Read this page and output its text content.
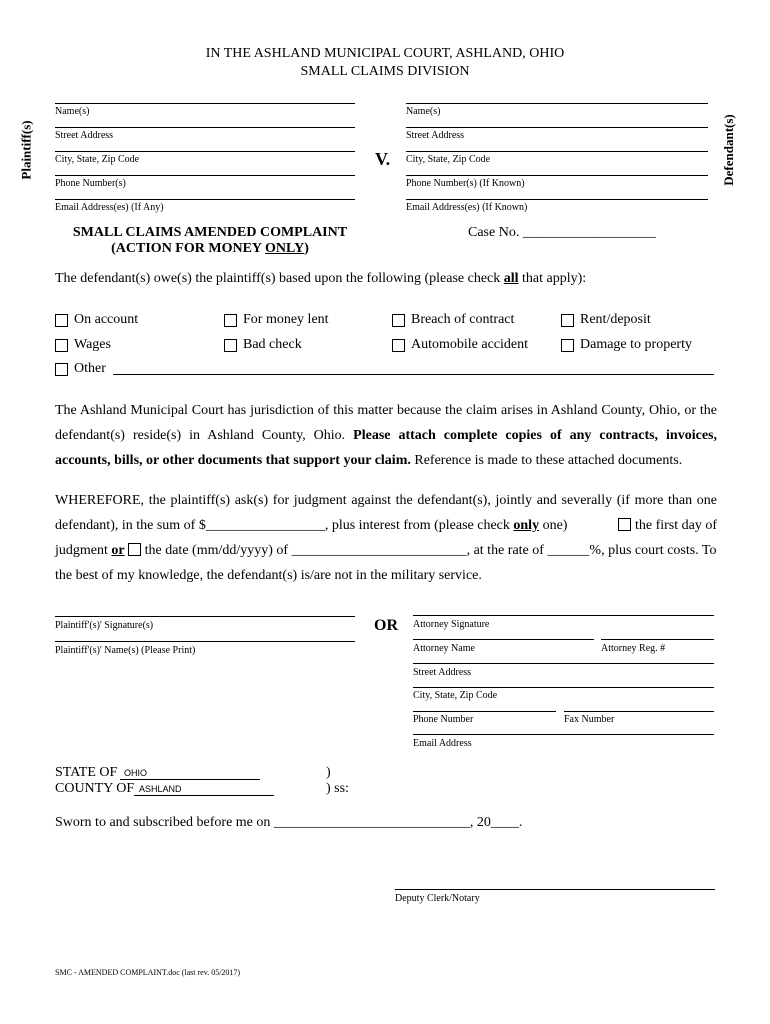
IN THE ASHLAND MUNICIPAL COURT, ASHLAND, OHIO
SMALL CLAIMS DIVISION
Plaintiff(s)	Defendant(s)
Name(s)
Street Address
City, State, Zip Code
Phone Number(s)
Email Address(es) (If Any)
V.
Name(s)
Street Address
City, State, Zip Code
Phone Number(s) (If Known)
Email Address(es) (If Known)
SMALL CLAIMS AMENDED COMPLAINT
(ACTION FOR MONEY ONLY)
Case No. ___________________
The defendant(s) owe(s) the plaintiff(s) based upon the following (please check all that apply):
On account	For money lent	Breach of contract	Rent/deposit
Wages	Bad check	Automobile accident	Damage to property
Other
The Ashland Municipal Court has jurisdiction of this matter because the claim arises in Ashland County, Ohio, or the defendant(s) reside(s) in Ashland County, Ohio. Please attach complete copies of any contracts, invoices, accounts, bills, or other documents that support your claim. Reference is made to these attached documents.
WHEREFORE, the plaintiff(s) ask(s) for judgment against the defendant(s), jointly and severally (if more than one
defendant), in the sum of $_________________, plus interest from (please check only one)	the first day of
judgment or  the date (mm/dd/yyyy) of _________________________, at the rate of ______%, plus court costs. To
the best of my knowledge, the defendant(s) is/are not in the military service.
Plaintiff'(s)' Signature(s)
Plaintiff'(s)' Name(s) (Please Print)
OR Attorney Signature
Attorney Name	Attorney Reg. #
Street Address
City, State, Zip Code
Phone Number	Fax Number
Email Address
STATE OF OHIO
COUNTY OF ASHLAND
)
) ss:
Sworn to and subscribed before me on ____________________________, 20____.
Deputy Clerk/Notary
SMC - AMENDED COMPLAINT.doc (last rev. 05/2017)
